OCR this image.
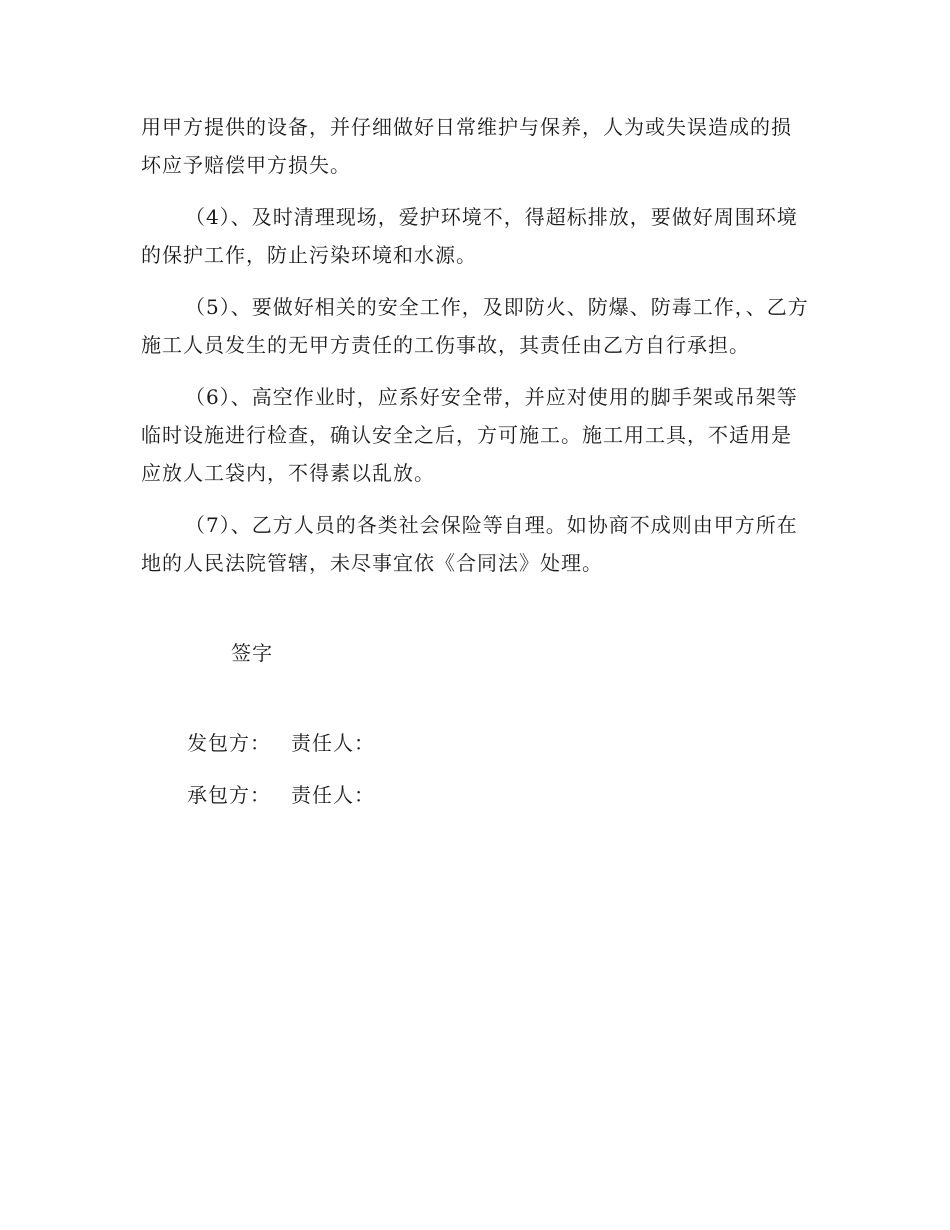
用甲方提供的设备，并仔细做好日常维护与保养，人为或失误造成的损坏应予赔偿甲方损失。

（4）、及时清理现场，爱护环境不，得超标排放，要做好周围环境的保护工作，防止污染环境和水源。

（5）、要做好相关的安全工作，及即防火、防爆、防毒工作，、乙方施工人员发生的无甲方责任的工伤事故，其责任由乙方自行承担。

（6）、高空作业时，应系好安全带，并应对使用的脚手架或吊架等临时设施进行检查，确认安全之后，方可施工。施工用工具，不适用是应放人工袋内，不得素以乱放。

（7）、乙方人员的各类社会保险等自理。如协商不成则由甲方所在地的人民法院管辖，未尽事宜依《合同法》处理。

签字

发包方： 责任人：
承包方： 责任人：
